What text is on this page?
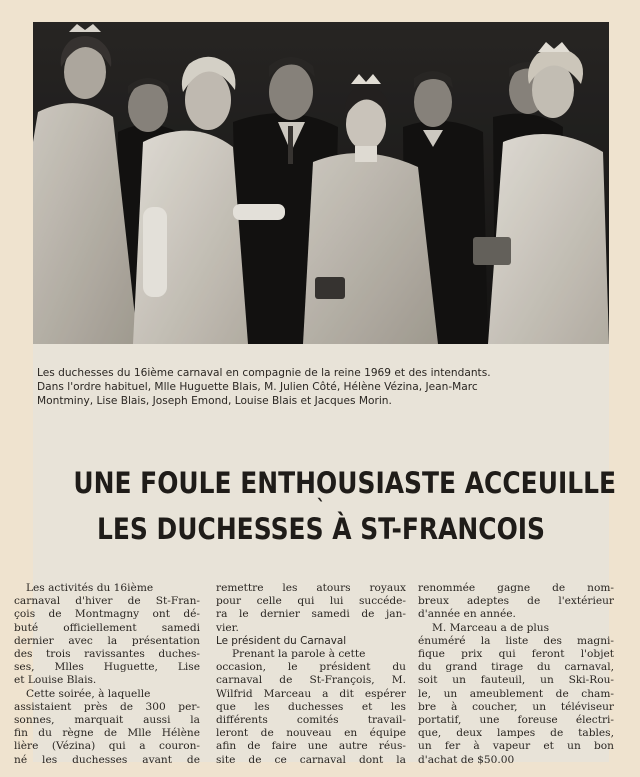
Les duchesses du 16ième carnaval en compagnie de la reine 1969 et des intendants.
Dans l'ordre habituel, Mlle Huguette Blais, M. Julien Côté, Hélène Vézina, Jean-Marc
Montminy, Lise Blais, Joseph Emond, Louise Blais et Jacques Morin.
UNE FOULE ENTHOUSIASTE ACCEUILLE
`
LES DUCHESSES À ST-FRANCOIS
Les activités du 16ième
carnaval d'hiver de St-Fran-
çois de Montmagny ont dé-
buté officiellement samedi
dernier avec la présentation
des trois ravissantes duches-
ses, Mlles Huguette, Lise
et Louise Blais.
Cette soirée, à laquelle
assistaient près de 300 per-
sonnes, marquait aussi la
fin du règne de Mlle Hélène
lière (Vézina) qui a couron-
né les duchesses avant de
remettre les atours royaux
pour celle qui lui succéde-
ra le dernier samedi de jan-
vier.
Le président du Carnaval
Prenant la parole à cette
occasion, le président du
carnaval de St-François, M.
Wilfrid Marceau a dit espérer
que les duchesses et les
différents comités travail-
leront de nouveau en équipe
afin de faire une autre réus-
site de ce carnaval dont la
renommée gagne de nom-
breux adeptes de l'extérieur
d'année en année.
M. Marceau a de plus
énuméré la liste des magni-
fique prix qui feront l'objet
du grand tirage du carnaval,
soit un fauteuil, un Ski-Rou-
le, un ameublement de cham-
bre à coucher, un téléviseur
portatif, une foreuse électri-
que, deux lampes de tables,
un fer à vapeur et un bon
d'achat de $50.00
